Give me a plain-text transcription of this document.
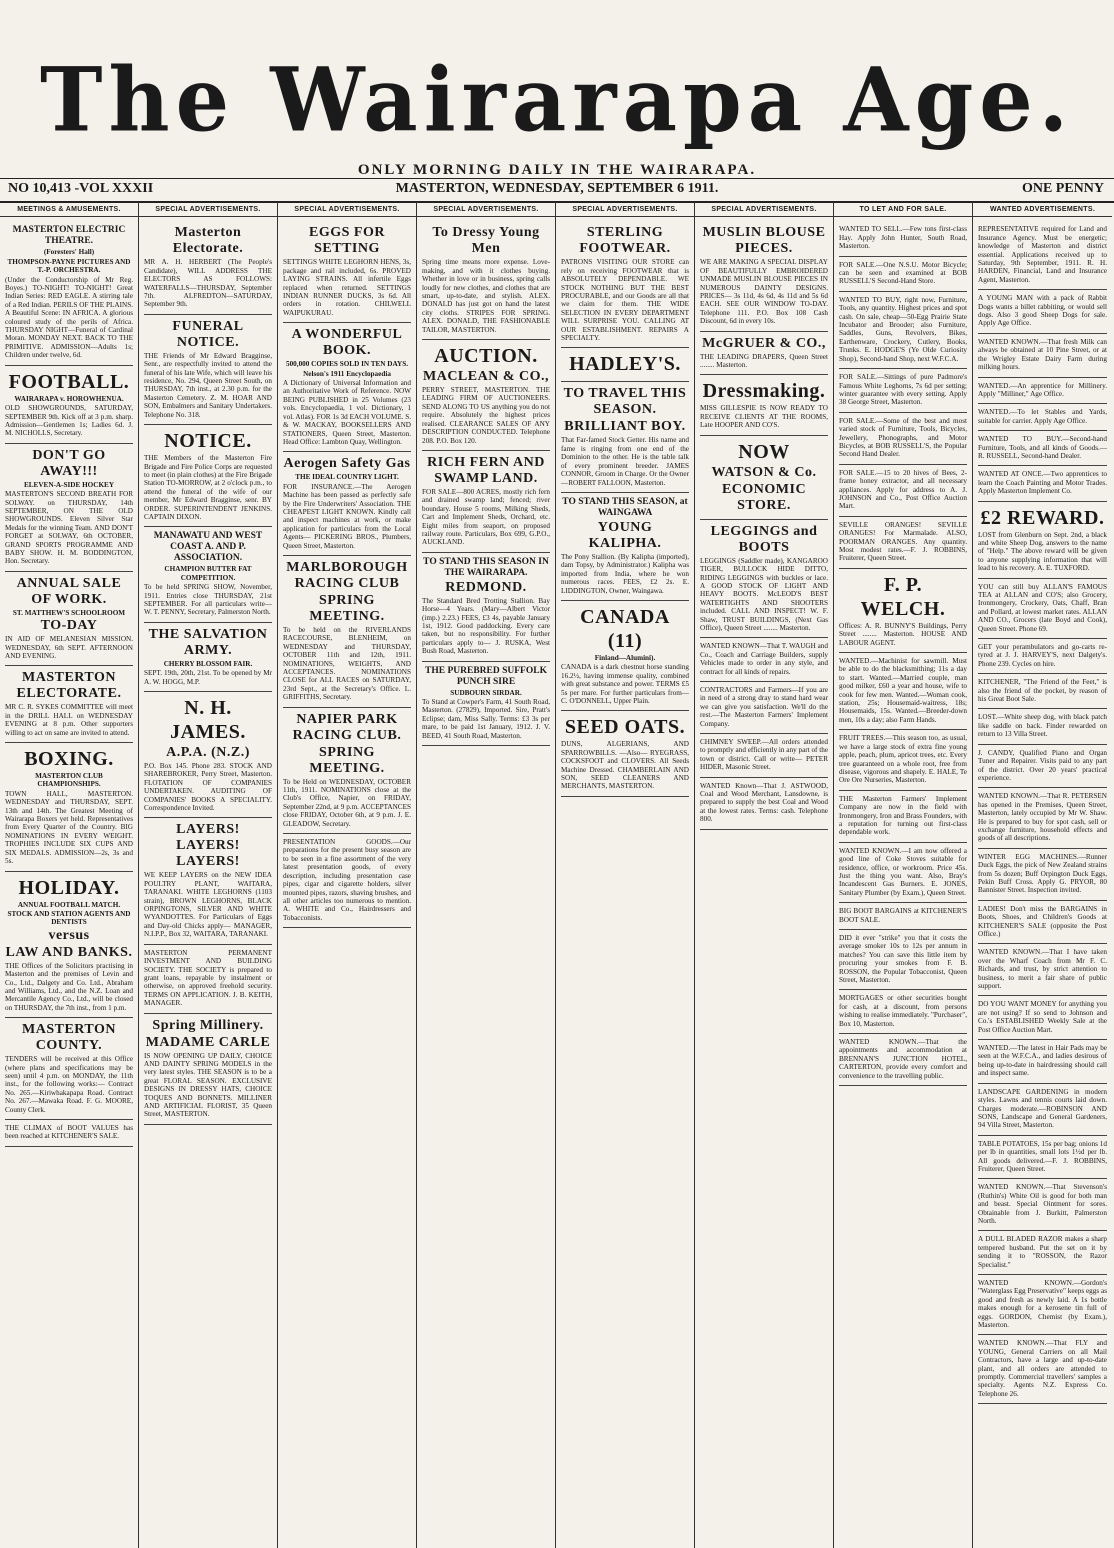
The Wairarapa Age.
ONLY MORNING DAILY IN THE WAIRARAPA.
NO 10,413 -VOL XXXII	MASTERTON, WEDNESDAY, SEPTEMBER 6 1911.	ONE PENNY
MEETINGS & AMUSEMENTS.

MASTERTON ELECTRIC THEATRE.

(Foresters' Hall)

THOMPSON-PAYNE PICTURES AND T.-P. ORCHESTRA.

(Under the Conductorship of Mr Reg. Boyes.) TO-NIGHT! TO-NIGHT! Great Indian Series: RED EAGLE. A stirring tale of a Red Indian. PERILS OF THE PLAINS. A Beautiful Scene: IN AFRICA. A glorious coloured study of the perils of Africa. THURSDAY NIGHT—Funeral of Cardinal Moran. MONDAY NEXT. BACK TO THE PRIMITIVE. ADMISSION—Adults 1s; Children under twelve, 6d.

FOOTBALL.

WAIRARAPA v. HOROWHENUA.

OLD SHOWGROUNDS, SATURDAY, SEPTEMBER 9th. Kick off at 3 p.m. sharp. Admission—Gentlemen 1s; Ladies 6d. J. M. NICHOLLS, Secretary.

DON'T GO AWAY!!!

ELEVEN-A-SIDE HOCKEY

MASTERTON'S SECOND BREATH FOR SOLWAY. on THURSDAY, 14th SEPTEMBER, ON THE OLD SHOWGROUNDS. Eleven Silver Star Medals for the winning Team. AND DON'T FORGET at SOLWAY, 6th OCTOBER, GRAND SPORTS PROGRAMME AND BABY SHOW. H. M. BODDINGTON, Hon. Secretary.

ANNUAL SALE OF WORK.

ST. MATTHEW'S SCHOOLROOM

TO-DAY

IN AID OF MELANESIAN MISSION. WEDNESDAY, 6th SEPT. AFTERNOON AND EVENING.

MASTERTON ELECTORATE.

MR C. R. SYKES COMMITTEE will meet in the DRILL HALL on WEDNESDAY EVENING at 8 p.m. Other supporters willing to act on same are invited to attend.

BOXING.

MASTERTON CLUB CHAMPIONSHIPS.

TOWN HALL, MASTERTON. WEDNESDAY and THURSDAY, SEPT. 13th and 14th. The Greatest Meeting of Wairarapa Boxers yet held. Representatives from Every Quarter of the Country. BIG NOMINATIONS IN EVERY WEIGHT. TROPHIES INCLUDE SIX CUPS AND SIX MEDALS. ADMISSION—2s, 3s and 5s.

HOLIDAY.

ANNUAL FOOTBALL MATCH.

STOCK AND STATION AGENTS AND DENTISTS

versus

LAW AND BANKS.

THE Offices of the Solicitors practising in Masterton and the premises of Levin and Co., Ltd., Dalgety and Co. Ltd., Abraham and Williams, Ltd., and the N.Z. Loan and Mercantile Agency Co., Ltd., will be closed on THURSDAY, the 7th inst., from 1 p.m.

MASTERTON COUNTY.

TENDERS will be received at this Office (where plans and specifications may be seen) until 4 p.m. on MONDAY, the 11th inst., for the following works:— Contract No. 265.—Kiriwhakapapa Road. Contract No. 267.—Mawaka Road. F. G. MOORE, County Clerk.

THE CLIMAX of BOOT VALUES has been reached at KITCHENER'S SALE.

SPECIAL ADVERTISEMENTS.

Masterton Electorate.

MR A. H. HERBERT (The People's Candidate), WILL ADDRESS THE ELECTORS AS FOLLOWS: WATERFALLS—THURSDAY, September 7th. ALFREDTON—SATURDAY, September 9th.

FUNERAL NOTICE.

THE Friends of Mr Edward Bragginse, Senr., are respectfully invited to attend the funeral of his late Wife, which will leave his residence, No. 294, Queen Street South, on THURSDAY, 7th inst., at 2.30 p.m. for the Masterton Cemetery. Z. M. HOAR AND SON, Embalmers and Sanitary Undertakers. Telephone No. 318.

NOTICE.

THE Members of the Masterton Fire Brigade and Fire Police Corps are requested to meet (in plain clothes) at the Fire Brigade Station TO-MORROW, at 2 o'clock p.m., to attend the funeral of the wife of our member, Mr Edward Bragginse, senr. BY ORDER. SUPERINTENDENT JENKINS. CAPTAIN DIXON.

MANAWATU AND WEST COAST A. AND P. ASSOCIATION.

CHAMPION BUTTER FAT COMPETITION.

To be held SPRING SHOW, November, 1911. Entries close THURSDAY, 21st SEPTEMBER. For all particulars write— W. T. PENNY, Secretary, Palmerston North.

THE SALVATION ARMY.

CHERRY BLOSSOM FAIR.

SEPT. 19th, 20th, 21st. To be opened by Mr A. W. HOGG, M.P.

N. H. JAMES.

A.P.A. (N.Z.)

P.O. Box 145. Phone 283. STOCK AND SHAREBROKER, Perry Street, Masterton. FLOTATION OF COMPANIES UNDERTAKEN. AUDITING OF COMPANIES' BOOKS A SPECIALITY. Correspondence Invited.

LAYERS! LAYERS! LAYERS!

WE KEEP LAYERS on the NEW IDEA POULTRY PLANT, WAITARA, TARANAKI. WHITE LEGHORNS (1103 strain), BROWN LEGHORNS, BLACK ORPINGTONS, SILVER AND WHITE WYANDOTTES. For Particulars of Eggs and Day-old Chicks apply— MANAGER, N.I.P.P., Box 32, WAITARA, TARANAKI.

MASTERTON PERMANENT INVESTMENT AND BUILDING SOCIETY. THE SOCIETY is prepared to grant loans, repayable by instalment or otherwise, on approved freehold security. TERMS ON APPLICATION. J. B. KEITH, MANAGER.

Spring Millinery.

MADAME CARLE

IS NOW OPENING UP DAILY, CHOICE AND DAINTY SPRING MODELS in the very latest styles. THE SEASON is to be a great FLORAL SEASON. EXCLUSIVE DESIGNS IN DRESSY HATS, CHOICE TOQUES AND BONNETS. MILLINER AND ARTIFICIAL FLORIST, 35 Queen Street, MASTERTON.

SPECIAL ADVERTISEMENTS.

EGGS FOR SETTING

SETTINGS WHITE LEGHORN HENS, 3s, package and rail included, 6s. PROVED LAYING STRAINS. All infertile Eggs replaced when returned. SETTINGS INDIAN RUNNER DUCKS, 3s 6d. All orders in rotation. CHILWELL WAIPUKURAU.

A WONDERFUL BOOK.

500,000 COPIES SOLD IN TEN DAYS.

Nelson's 1911 Encyclopaedia

A Dictionary of Universal Information and an Authoritative Work of Reference. NOW BEING PUBLISHED in 25 Volumes (23 vols. Encyclopaedia, 1 vol. Dictionary, 1 vol. Atlas). FOR 1s 3d EACH VOLUME. S. & W. MACKAY, BOOKSELLERS AND STATIONERS, Queen Street, Masterton. Head Office: Lambton Quay, Wellington.

Aerogen Safety Gas

THE IDEAL COUNTRY LIGHT.

FOR INSURANCE.—The Aerogen Machine has been passed as perfectly safe by the Fire Underwriters' Association. THE CHEAPEST LIGHT KNOWN. Kindly call and inspect machines at work, or make application for particulars from the Local Agents— PICKERING BROS., Plumbers, Queen Street, Masterton.

MARLBOROUGH RACING CLUB

SPRING MEETING.

To be held on the RIVERLANDS RACECOURSE, BLENHEIM, on WEDNESDAY and THURSDAY, OCTOBER 11th and 12th, 1911. NOMINATIONS, WEIGHTS, AND ACCEPTANCES. NOMINATIONS CLOSE for ALL RACES on SATURDAY, 23rd Sept., at the Secretary's Office. L. GRIFFITHS, Secretary.

NAPIER PARK RACING CLUB.

SPRING MEETING.

To be Held on WEDNESDAY, OCTOBER 11th, 1911. NOMINATIONS close at the Club's Office, Napier, on FRIDAY, September 22nd, at 9 p.m. ACCEPTANCES close FRIDAY, October 6th, at 9 p.m. J. E. GLEADOW, Secretary.

PRESENTATION GOODS.—Our preparations for the present busy season are to be seen in a fine assortment of the very latest presentation goods, of every description, including presentation case pipes, cigar and cigarette holders, silver mounted pipes, razors, shaving brushes, and all other articles too numerous to mention. A. WHITE and Co., Hairdressers and Tobacconists.

SPECIAL ADVERTISEMENTS.

To Dressy Young Men

Spring time means more expense. Love-making, and with it clothes buying. Whether in love or in business, spring calls loudly for new clothes, and clothes that are smart, up-to-date, and stylish. ALEX. DONALD has just got on hand the latest city cloths. STRIPES FOR SPRING. ALEX. DONALD, THE FASHIONABLE TAILOR, MASTERTON.

AUCTION.

MACLEAN & CO.,

PERRY STREET, MASTERTON. THE LEADING FIRM OF AUCTIONEERS. SEND ALONG TO US anything you do not require. Absolutely the highest prices realised. CLEARANCE SALES OF ANY DESCRIPTION CONDUCTED. Telephone 208. P.O. Box 120.

RICH FERN AND SWAMP LAND.

FOR SALE—800 ACRES, mostly rich fern and drained swamp land; fenced; river boundary. House 5 rooms, Milking Sheds, Cart and Implement Sheds, Orchard, etc. Eight miles from seaport, on proposed railway route. Particulars, Box 699, G.P.O., AUCKLAND.

TO STAND THIS SEASON IN THE WAIRARAPA.

REDMOND.

The Standard Bred Trotting Stallion. Bay Horse—4 Years. (Mary—Albert Victor (imp.) 2.23.) FEES, £3 4s, payable January 1st, 1912. Good paddocking. Every care taken, but no responsibility. For further particulars apply to— J. RUSKA, West Bush Road, Masterton.

THE PUREBRED SUFFOLK PUNCH SIRE

SUDBOURN SIRDAR.

To Stand at Cowper's Farm, 41 South Road, Masterton. (27829), Imported. Sire, Pratt's Eclipse; dam, Miss Sally. Terms: £3 3s per mare, to be paid 1st January, 1912. J. V. BEED, 41 South Road, Masterton.

SPECIAL ADVERTISEMENTS.

STERLING FOOTWEAR.

PATRONS VISITING OUR STORE can rely on receiving FOOTWEAR that is ABSOLUTELY DEPENDABLE. WE STOCK NOTHING BUT THE BEST PROCURABLE, and our Goods are all that we claim for them. THE WIDE SELECTION IN EVERY DEPARTMENT WILL SURPRISE YOU. CALLING AT OUR ESTABLISHMENT. REPAIRS A SPECIALTY.

HADLEY'S.

TO TRAVEL THIS SEASON.

BRILLIANT BOY.

That Far-famed Stock Getter. His name and fame is ringing from one end of the Dominion to the other. He is the table talk of every prominent breeder. JAMES CONNOR, Groom in Charge. Or the Owner—ROBERT FALLOON, Masterton.

TO STAND THIS SEASON, at WAINGAWA

YOUNG KALIPHA.

The Pony Stallion. (By Kalipha (imported), dam Topsy, by Administrator.) Kalipha was imported from India, where he won numerous races. FEES, £2 2s. E. LIDDINGTON, Owner, Waingawa.

CANADA (11)

Finland—Alumini).

CANADA is a dark chestnut horse standing 16.2½, having immense quality, combined with great substance and power. TERMS £5 5s per mare. For further particulars from— C. O'DONNELL, Upper Plain.

SEED OATS.

DUNS, ALGERIANS, AND SPARROWBILLS. —Also— RYEGRASS, COCKSFOOT and CLOVERS. All Seeds Machine Dressed. CHAMBERLAIN AND SON, SEED CLEANERS AND MERCHANTS, MASTERTON.

SPECIAL ADVERTISEMENTS.

MUSLIN BLOUSE PIECES.

WE ARE MAKING A SPECIAL DISPLAY OF BEAUTIFULLY EMBROIDERED UNMADE MUSLIN BLOUSE PIECES IN NUMEROUS DAINTY DESIGNS. PRICES— 3s 11d, 4s 6d, 4s 11d and 5s 6d EACH. SEE OUR WINDOW TO-DAY. Telephone 111. P.O. Box 108 Cash Discount, 6d in every 10s.

McGRUER & CO.,

THE LEADING DRAPERS, Queen Street ........ Masterton.

Dressmaking.

MISS GILLESPIE IS NOW READY TO RECEIVE CLIENTS AT THE ROOMS, Late HOOPER AND CO'S.

NOW

WATSON & Co.

ECONOMIC STORE.

LEGGINGS and BOOTS

LEGGINGS (Saddler made), KANGAROO TIGER, BULLOCK HIDE DITTO, RIDING LEGGINGS with buckles or lace. A GOOD STOCK OF LIGHT AND HEAVY BOOTS. McLEOD'S BEST WATERTIGHTS AND SHOOTERS included. CALL AND INSPECT! W. F. Shaw, TRUST BUILDINGS, (Next Gas Office), Queen Street ........ Masterton.

WANTED KNOWN—That T. WAUGH and Co., Coach and Carriage Builders, supply Vehicles made to order in any style, and contract for all kinds of repairs.

CONTRACTORS and Farmers—If you are in need of a strong dray to stand hard wear we can give you satisfaction. We'll do the rest.—The Masterton Farmers' Implement Company.

CHIMNEY SWEEP.—All orders attended to promptly and efficiently in any part of the town or district. Call or write— PETER HIDER, Masonic Street.

WANTED Known—That J. ASTWOOD, Coal and Wood Merchant, Lansdowne, is prepared to supply the best Coal and Wood at the lowest rates. Terms: cash. Telephone 800.

TO LET AND FOR SALE.

WANTED TO SELL.—Few tons first-class Hay. Apply John Hunter, South Road, Masterton.

FOR SALE.—One N.S.U. Motor Bicycle; can be seen and examined at BOB RUSSELL'S Second-Hand Store.

WANTED TO BUY, right now, Furniture, Tools, any quantity. Highest prices and spot cash. On sale, cheap—50-Egg Prairie State Incubator and Brooder; also Furniture, Saddles, Guns, Revolvers, Bikes, Earthenware, Crockery, Cutlery, Books, Trunks. E. HODGE'S (Ye Olde Curiosity Shop), Second-hand Shop, next W.F.C.A.

FOR SALE.—Sittings of pure Padmore's Famous White Leghorns, 7s 6d per setting; winter guarantee with every setting. Apply 38 George Street, Masterton.

FOR SALE.—Some of the best and most varied stock of Furniture, Tools, Bicycles, Jewellery, Phonographs, and Motor Bicycles, at BOB RUSSELL'S, the Popular Second Hand Dealer.

FOR SALE.—15 to 20 hives of Bees, 2-frame honey extractor, and all necessary appliances. Apply for address to A. J. JOHNSON and Co., Post Office Auction Mart.

SEVILLE ORANGES! SEVILLE ORANGES! For Marmalade. ALSO, POORMAN ORANGES. Any quantity. Most modest rates.—F. J. ROBBINS, Fruiterer, Queen Street.

F. P. WELCH.

Offices: A. R. BUNNY'S Buildings, Perry Street ........ Masterton. HOUSE AND LABOUR AGENT.

WANTED.—Machinist for sawmill. Must be able to do the blacksmithing; 11s a day to start. Wanted.—Married couple, man good milker, £60 a year and house, wife to cook for few men. Wanted.—Woman cook, station, 25s; Housemaid-waitress, 18s; Housemaids, 15s. Wanted.—Breeder-down men, 10s a day; also Farm Hands.

FRUIT TREES.—This season too, as usual, we have a large stock of extra fine young apple, peach, plum, apricot trees, etc. Every tree guaranteed on a whole root, free from disease, vigorous and shapely. E. HALE, Te Ore Ore Nurseries, Masterton.

THE Masterton Farmers' Implement Company are now in the field with Ironmongery, Iron and Brass Founders, with a reputation for turning out first-class dependable work.

WANTED KNOWN.—I am now offered a good line of Coke Stoves suitable for residence, office, or workroom. Price 45s. Just the thing you want. Also, Bray's Incandescent Gas Burners. E. JONES, Sanitary Plumber (by Exam.), Queen Street.

BIG BOOT BARGAINS at KITCHENER'S BOOT SALE.

DID it ever "strike" you that it costs the average smoker 10s to 12s per annum in matches? You can save this little item by procuring your smokes from F. B. ROSSON, the Popular Tobacconist, Queen Street, Masterton.

MORTGAGES or other securities bought for cash, at a discount, from persons wishing to realise immediately. "Purchaser", Box 10, Masterton.

WANTED KNOWN.—That the appointments and accommodation at BRENNAN'S JUNCTION HOTEL, CARTERTON, provide every comfort and convenience to the travelling public.

WANTED ADVERTISEMENTS.

REPRESENTATIVE required for Land and Insurance Agency. Must be energetic; knowledge of Masterton and district essential. Applications received up to Saturday, 9th September, 1911. R. H. HARDEN, Financial, Land and Insurance Agent, Masterton.

A YOUNG MAN with a pack of Rabbit Dogs wants a billet rabbiting, or would sell dogs. Also 3 good Sheep Dogs for sale. Apply Age Office.

WANTED KNOWN.—That fresh Milk can always be obtained at 10 Pine Street, or at the Wrigley Estate Dairy Farm during milking hours.

WANTED.—An apprentice for Millinery. Apply "Milliner," Age Office.

WANTED.—To let Stables and Yards, suitable for carrier. Apply Age Office.

WANTED TO BUY.—Second-hand Furniture, Tools, and all kinds of Goods.—R. RUSSELL, Second-hand Dealer.

WANTED AT ONCE.—Two apprentices to learn the Coach Painting and Motor Trades. Apply Masterton Implement Co.

£2 REWARD.

LOST from Glenburn on Sept. 2nd, a black and white Sheep Dog, answers to the name of "Help." The above reward will be given to anyone supplying information that will lead to his recovery. A. E. TUXFORD.

YOU can still buy ALLAN'S FAMOUS TEA at ALLAN and CO'S; also Grocery, Ironmongery, Crockery, Oats, Chaff, Bran and Pollard, at lowest market rates. ALLAN AND CO., Grocers (late Boyd and Cook), Queen Street. Phone 69.

GET your perambulators and go-carts re-tyred at J. J. HARVEY'S, next Dalgety's. Phone 239. Cycles on hire.

KITCHENER, "The Friend of the Feet," is also the friend of the pocket, by reason of his Great Boot Sale.

LOST.—White sheep dog, with black patch like saddle on back. Finder rewarded on return to 13 Villa Street.

J. CANDY, Qualified Piano and Organ Tuner and Repairer. Visits paid to any part of the district. Over 20 years' practical experience.

WANTED KNOWN.—That R. PETERSEN has opened in the Premises, Queen Street, Masterton, lately occupied by Mr W. Shaw. He is prepared to buy for spot cash, sell or exchange furniture, household effects and goods of all descriptions.

WINTER EGG MACHINES.—Runner Duck Eggs, the pick of New Zealand strains from 5s dozen; Buff Orpington Duck Eggs, Pekin Buff Cross. Apply G. PRYOR, 80 Bannister Street. Inspection invited.

LADIES! Don't miss the BARGAINS in Boots, Shoes, and Children's Goods at KITCHENER'S SALE (opposite the Post Office.)

WANTED KNOWN.—That I have taken over the Wharf Coach from Mr F. C. Richards, and trust, by strict attention to business, to merit a fair share of public support.

DO YOU WANT MONEY for anything you are not using? If so send to Johnson and Co.'s ESTABLISHED Weekly Sale at the Post Office Auction Mart.

WANTED.—The latest in Hair Pads may be seen at the W.F.C.A., and ladies desirous of being up-to-date in hairdressing should call and inspect same.

LANDSCAPE GARDENING in modern styles. Lawns and tennis courts laid down. Charges moderate.—ROBINSON AND SONS, Landscape and General Gardeners, 94 Villa Street, Masterton.

TABLE POTATOES, 15s per bag; onions 1d per lb in quantities, small lots 1½d per lb. All goods delivered.—F. J. ROBBINS, Fruiterer, Queen Street.

WANTED KNOWN.—That Stevenson's (Ruthin's) White Oil is good for both man and beast. Special Ointment for sores. Obtainable from J. Burkitt, Palmerston North.

A DULL BLADED RAZOR makes a sharp tempered husband. Put the set on it by sending it to "ROSSON, the Razor Specialist."

WANTED KNOWN.—Gordon's "Waterglass Egg Preservative" keeps eggs as good and fresh as newly laid. A 1s bottle makes enough for a kerosene tin full of eggs. GORDON, Chemist (by Exam.), Masterton.

WANTED KNOWN.—That FLY and YOUNG, General Carriers on all Mail Contractors, have a large and up-to-date plant, and all orders are attended to promptly. Commercial travellers' samples a specialty. Agents N.Z. Express Co. Telephone 26.
